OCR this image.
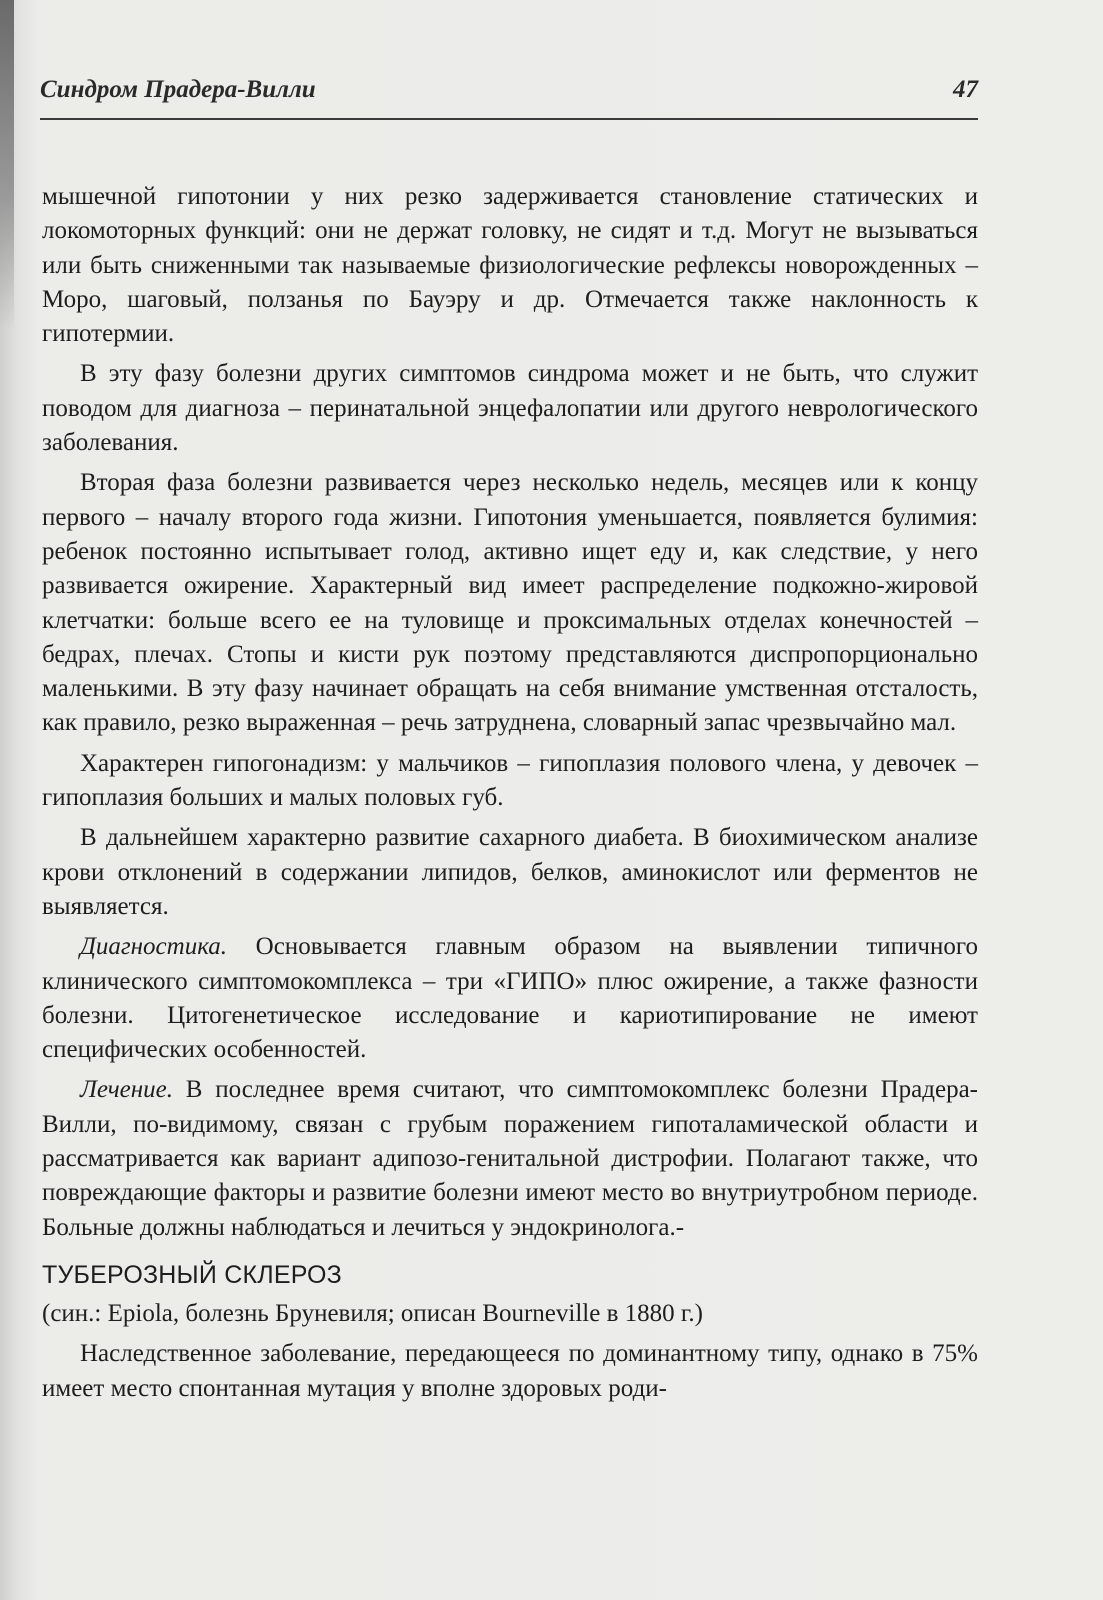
Синдром Прадера-Вилли	47

мышечной гипотонии у них резко задерживается становление статических и локомоторных функций: они не держат головку, не сидят и т.д. Могут не вызываться или быть сниженными так называемые физиологические рефлексы новорожденных – Моро, шаговый, ползанья по Бауэру и др. Отмечается также наклонность к гипотермии.

В эту фазу болезни других симптомов синдрома может и не быть, что служит поводом для диагноза – перинатальной энцефалопатии или другого неврологического заболевания.

Вторая фаза болезни развивается через несколько недель, месяцев или к концу первого – началу второго года жизни. Гипотония уменьшается, появляется булимия: ребенок постоянно испытывает голод, активно ищет еду и, как следствие, у него развивается ожирение. Характерный вид имеет распределение подкожно-жировой клетчатки: больше всего ее на туловище и проксимальных отделах конечностей – бедрах, плечах. Стопы и кисти рук поэтому представляются диспропорционально маленькими. В эту фазу начинает обращать на себя внимание умственная отсталость, как правило, резко выраженная – речь затруднена, словарный запас чрезвычайно мал.

Характерен гипогонадизм: у мальчиков – гипоплазия полового члена, у девочек – гипоплазия больших и малых половых губ.

В дальнейшем характерно развитие сахарного диабета. В биохимическом анализе крови отклонений в содержании липидов, белков, аминокислот или ферментов не выявляется.

Диагностика. Основывается главным образом на выявлении типичного клинического симптомокомплекса – три «ГИПО» плюс ожирение, а также фазности болезни. Цитогенетическое исследование и кариотипирование не имеют специфических особенностей.

Лечение. В последнее время считают, что симптомокомплекс болезни Прадера-Вилли, по-видимому, связан с грубым поражением гипоталамической области и рассматривается как вариант адипозо-генитальной дистрофии. Полагают также, что повреждающие факторы и развитие болезни имеют место во внутриутробном периоде. Больные должны наблюдаться и лечиться у эндокринолога.-

ТУБЕРОЗНЫЙ СКЛЕРОЗ

(син.: Epiola, болезнь Бруневиля; описан Bourneville в 1880 г.)

Наследственное заболевание, передающееся по доминантному типу, однако в 75% имеет место спонтанная мутация у вполне здоровых роди-
